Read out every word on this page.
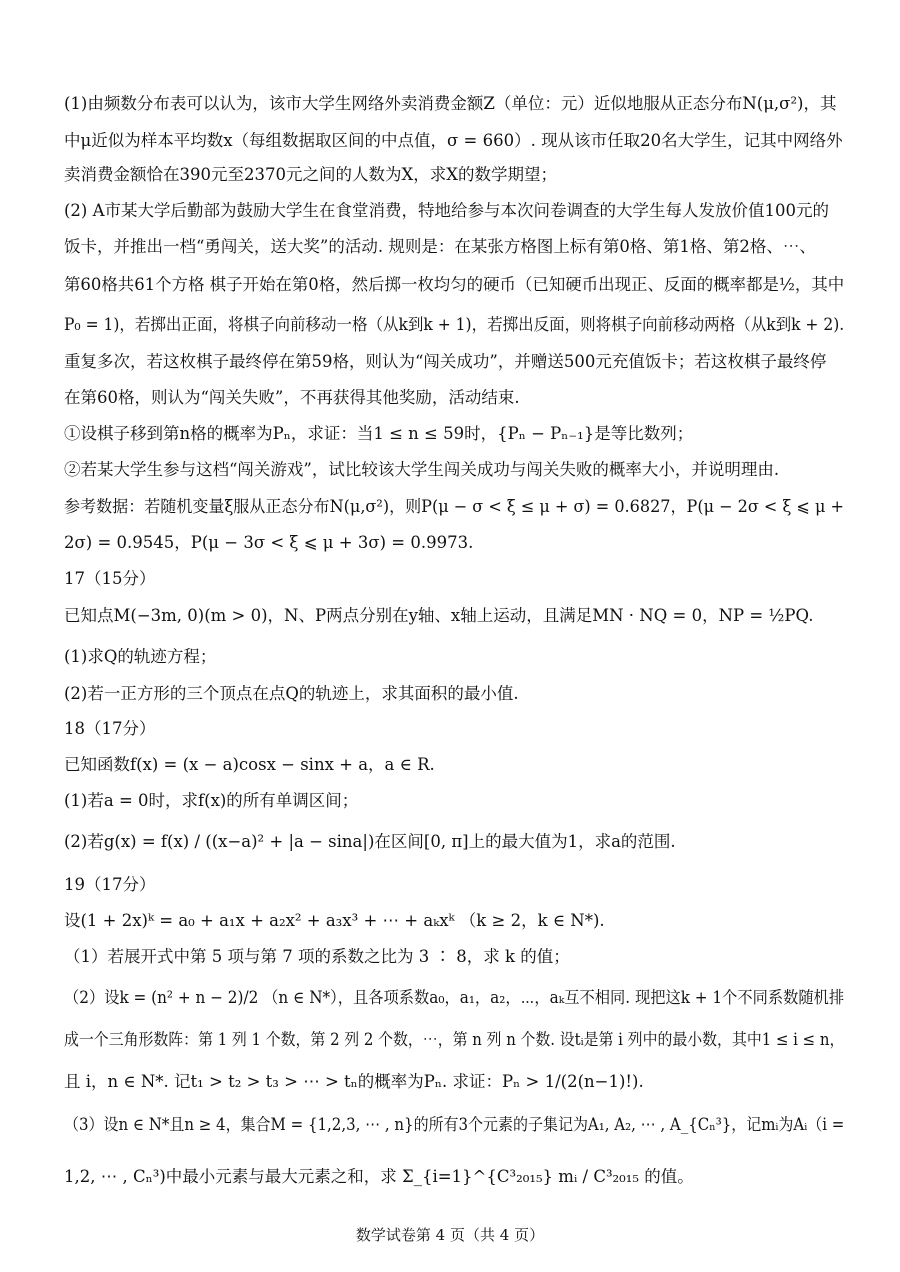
(1)由频数分布表可以认为，该市大学生网络外卖消费金额Z（单位：元）近似地服从正态分布N(μ,σ²)，其
中μ近似为样本平均数x（每组数据取区间的中点值，σ = 660）. 现从该市任取20名大学生，记其中网络外
卖消费金额恰在390元至2370元之间的人数为X，求X的数学期望；
(2) A市某大学后勤部为鼓励大学生在食堂消费，特地给参与本次问卷调查的大学生每人发放价值100元的
饭卡，并推出一档“勇闯关，送大奖”的活动. 规则是：在某张方格图上标有第0格、第1格、第2格、⋯、
第60格共61个方格 棋子开始在第0格，然后掷一枚均匀的硬币（已知硬币出现正、反面的概率都是½，其中
P₀ = 1)，若掷出正面，将棋子向前移动一格（从k到k + 1)，若掷出反面，则将棋子向前移动两格（从k到k + 2).
重复多次，若这枚棋子最终停在第59格，则认为“闯关成功”，并赠送500元充值饭卡；若这枚棋子最终停
在第60格，则认为“闯关失败”，不再获得其他奖励，活动结束.
①设棋子移到第n格的概率为Pₙ，求证：当1 ≤ n ≤ 59时，{Pₙ − Pₙ₋₁}是等比数列；
②若某大学生参与这档“闯关游戏”，试比较该大学生闯关成功与闯关失败的概率大小，并说明理由.
参考数据：若随机变量ξ服从正态分布N(μ,σ²)，则P(μ − σ < ξ ≤ μ + σ) = 0.6827，P(μ − 2σ < ξ ⩽ μ +
2σ) = 0.9545，P(μ − 3σ < ξ ⩽ μ + 3σ) = 0.9973.
17（15分）
已知点M(−3m, 0)(m > 0)，N、P两点分别在y轴、x轴上运动，且满足MN · NQ = 0，NP = ½PQ.
(1)求Q的轨迹方程；
(2)若一正方形的三个顶点在点Q的轨迹上，求其面积的最小值.
18（17分）
已知函数f(x) = (x − a)cosx − sinx + a，a ∈ R.
(1)若a = 0时，求f(x)的所有单调区间；
(2)若g(x) = f(x) / ((x−a)² + |a − sina|)在区间[0, π]上的最大值为1，求a的范围.
19（17分）
设(1 + 2x)ᵏ = a₀ + a₁x + a₂x² + a₃x³ + ⋯ + aₖxᵏ （k ≥ 2，k ∈ N*).
（1）若展开式中第 5 项与第 7 项的系数之比为 3 ∶ 8，求 k 的值；
（2）设k = (n² + n − 2)/2 （n ∈ N*），且各项系数a₀，a₁，a₂，⋯，aₖ互不相同. 现把这k + 1个不同系数随机排
成一个三角形数阵：第 1 列 1 个数，第 2 列 2 个数，⋯，第 n 列 n 个数. 设tᵢ是第 i 列中的最小数，其中1 ≤ i ≤ n，
且 i，n ∈ N*. 记t₁ > t₂ > t₃ > ⋯ > tₙ的概率为Pₙ. 求证：Pₙ > 1/(2(n−1)!).
（3）设n ∈ N*且n ≥ 4，集合M = {1,2,3, ⋯ , n}的所有3个元素的子集记为A₁, A₂, ⋯ , A_{Cₙ³}，记mᵢ为Aᵢ（i =
1,2, ⋯ , Cₙ³)中最小元素与最大元素之和，求 Σ_{i=1}^{C³₂₀₁₅} mᵢ / C³₂₀₁₅ 的值。
数学试卷第 4 页（共 4 页）
